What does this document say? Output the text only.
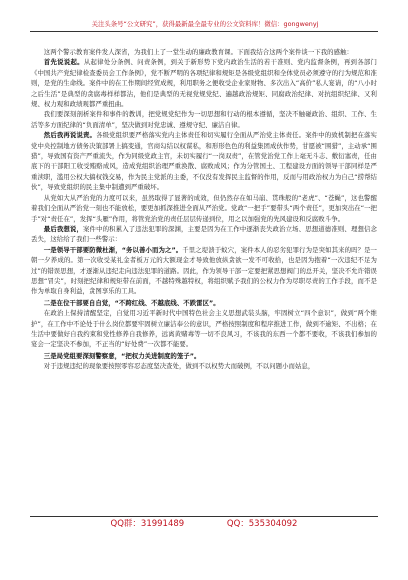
关注头条号“公文研究”，获得最新最全最专业的公文资料库！微信：gongwenyj

这两个警示教育案件发人深省，为我们上了一堂生动的廉政教育课。下面我结合这两个案件谈一下我的感触：

首先说说起。从起律处分条例、问责条例，到关于新形势下党内政治生活的若干准则、党内监督条例，再到各部门《中国共产党纪律检查委员会工作条例》，党不断严明的各项纪律和规矩是各级党组织和全体党员必须遵守的行为规范和准则，是党的生命线。案件中的在工作期间经贸成规，利用职务之便收受企业家财物、多次出入“高价”私人宴请，的“八小时之后生活”是典型的贪腐毒样样都沾，他们是典型的无视党规党纪、遍越政治规矩、同腐政治纪律、对抗组织纪律、又利规、权力观和政绩观都严重扭曲。

我们要深刻剖析案件和事件的教训，把党规党纪作为一切思想和行动的根本遵循，坚决不触碰政治、组织、工作、生活等多方面纪律的“负面清单”，坚决做到对党忠诚、遵规守纪、廉洁自律。

然后我再说说责。各级党组织要严格落实党内主体责任和切实履行全面从严治党主体责任。案件中的致机制把在落实党中央控制地方债务决策部署上搞变通，官商勾结以权谋私，和形形色色的利益集团成伙作势，甘愿被“围猎”，主动承“围猎”，导致国有资产严重流失，作为同级党政主官，未切实履行“一岗双责”，在管党治党工作上毫无斗志、敷衍塞责，任由底下的干部阳工收受贿赂成风，造成党组织治理严重涣散、腐败成风；作为分管国土、工程建设方面的领导干部同样是严重渎职，滥用公权大搞权钱交易，作为民主党派的主委，不仅没有发挥民主监督的作用，反而与用政治权力为自己“捞帮结伙”，导致党组织的民主集中制遭到严重破坏。

从党如大从严治党的力度可以来，虽然取得了显著的成效，但仍然存在如马崩、贯珠般的“老虎”、“苍蝇”，这也警醒着我们全面从严治党一刻也不能放松，要更加抓深推进全面从严治党。党政“一把手”要带头“两个责任”，更加突出在“一把手”对“责任在”，发挥“头雁”作用，将管党治党的责任层层传递到位，用之以加强党的先风建设和反腐败斗争。

最后我想说，案件中的积累入了违法犯罪的深渊，主要是因为在工作中逐渐丧失政治立场、思想道德准则、理想信念丢失，这给给了我们一些警示：

一是领导干部要防微杜渐，“务以善小而为之”。千里之堤溃于蚁穴，案件本人的忍劣犯罪行为是突如其来的吗？是一朝一夕养成的。第一次收受某礼金者板万元的大额现金才导致他放纵贪欲一发不可收拾，也是因为抱着“一次违纪不足为过”的错误思想，才逐渐从违纪走向违法犯罪的道路。因此，作为领导干部一定要把紧思想阀门的总开关，坚决不允许错误思想“冒尖”，时刻把纪律和规矩带在前面，不越特殊越特权，将组织赋予我们的公权力作为尽职尽责的工作手段，而不是作为单取自身利益，贪图享乐的工具。

二是在位干部要自自觉，“不跨红线、不越底线、不跌雷区”。

在政治上保持清醒坚定，自觉用习近平新时代中国特色社会主义思想武装头脑，牢固树立“四个意识”，做到“两个维护”，在工作中不论处于什么岗位都要牢固树立廉洁奉公的意识，严格按照制度和程序推进工作，做到不逾矩、不出格；在生活中要做好自我约束和党性修养自我修养，远离黄赌毒等一切不良风习，不该我的东西一个都不要收，不该我们参加的宴会一定坚决不参加，不正当的“好处费”一次都不能要。

三是局党组要深刻警察意，“把权力关进制度的笼子”。

对于违规违纪的现象要按照零容忍态度坚决查处，做到不以权势大而破例，不以问题小而姑息，

QQ群：31991489	QQ：535304092
